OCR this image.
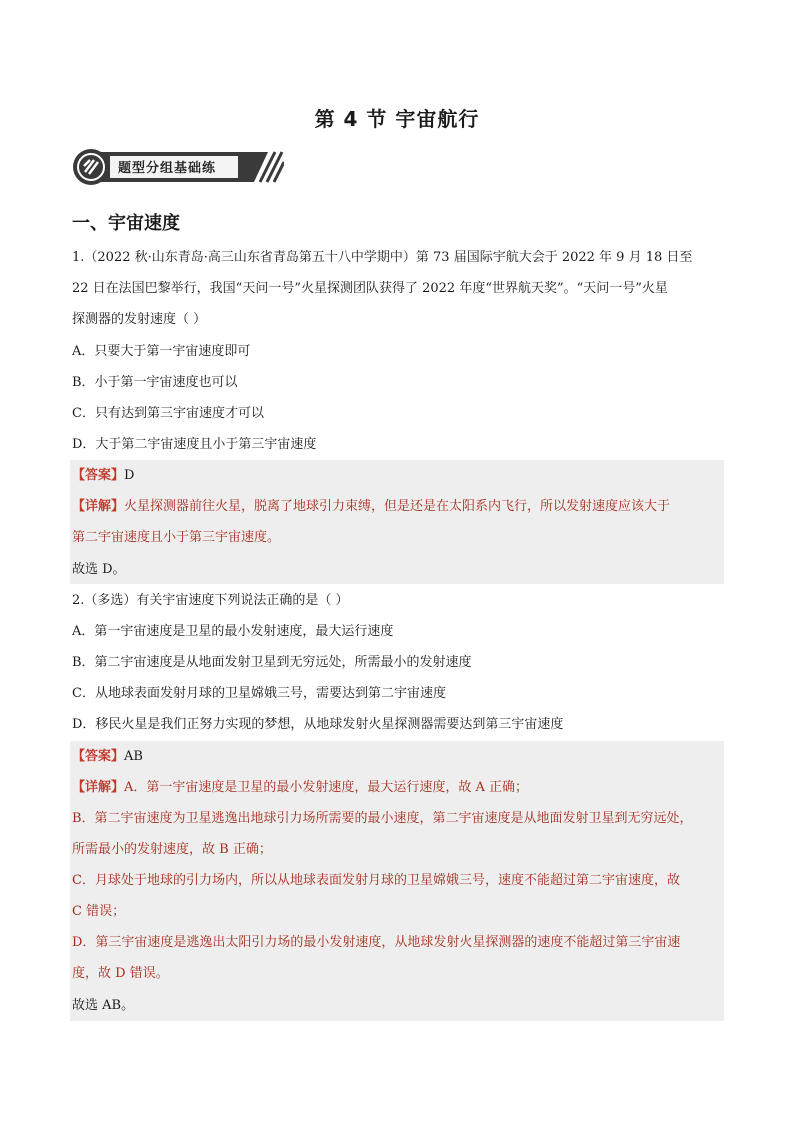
第 4 节 宇宙航行
题型分组基础练
一、宇宙速度
1.（2022 秋·山东青岛·高三山东省青岛第五十八中学期中）第 73 届国际宇航大会于 2022 年 9 月 18 日至
22 日在法国巴黎举行，我国“天问一号”火星探测团队获得了 2022 年度“世界航天奖”。“天问一号”火星
探测器的发射速度（ ）
A．只要大于第一宇宙速度即可
B．小于第一宇宙速度也可以
C．只有达到第三宇宙速度才可以
D．大于第二宇宙速度且小于第三宇宙速度
【答案】D
【详解】火星探测器前往火星，脱离了地球引力束缚，但是还是在太阳系内飞行，所以发射速度应该大于
第二宇宙速度且小于第三宇宙速度。
故选 D。
2.（多选）有关宇宙速度下列说法正确的是（ ）
A．第一宇宙速度是卫星的最小发射速度，最大运行速度
B．第二宇宙速度是从地面发射卫星到无穷远处，所需最小的发射速度
C．从地球表面发射月球的卫星嫦娥三号，需要达到第二宇宙速度
D．移民火星是我们正努力实现的梦想，从地球发射火星探测器需要达到第三宇宙速度
【答案】AB
【详解】A．第一宇宙速度是卫星的最小发射速度，最大运行速度，故 A 正确；
B．第二宇宙速度为卫星逃逸出地球引力场所需要的最小速度，第二宇宙速度是从地面发射卫星到无穷远处，
所需最小的发射速度，故 B 正确；
C．月球处于地球的引力场内，所以从地球表面发射月球的卫星嫦娥三号，速度不能超过第二宇宙速度，故
C 错误；
D．第三宇宙速度是逃逸出太阳引力场的最小发射速度，从地球发射火星探测器的速度不能超过第三宇宙速
度，故 D 错误。
故选 AB。
